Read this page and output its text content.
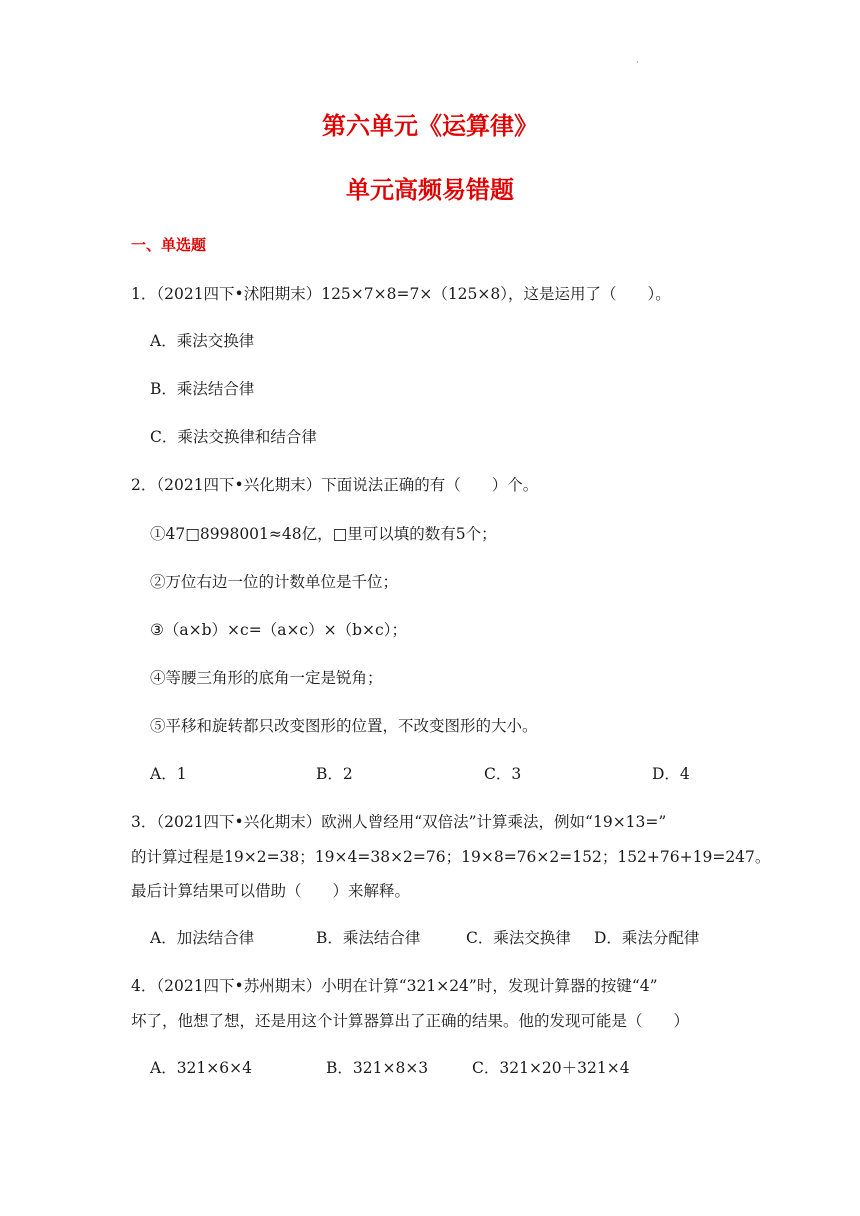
·
第六单元《运算律》
单元高频易错题
一、单选题
1．（2021四下•沭阳期末）125×7×8=7×（125×8），这是运用了（　　）。
A．乘法交换律
B．乘法结合律
C．乘法交换律和结合律
2．（2021四下•兴化期末）下面说法正确的有（　　）个。
①47□8998001≈48亿，□里可以填的数有5个；
②万位右边一位的计数单位是千位；
③（a×b）×c=（a×c）×（b×c）；
④等腰三角形的底角一定是锐角；
⑤平移和旋转都只改变图形的位置，不改变图形的大小。
A．1	B．2	C．3	D．4
3．（2021四下•兴化期末）欧洲人曾经用“双倍法”计算乘法，例如“19×13=”
的计算过程是19×2=38；19×4=38×2=76；19×8=76×2=152；152+76+19=247。
最后计算结果可以借助（　　）来解释。
A．加法结合律	B．乘法结合律	C．乘法交换律 D．乘法分配律
4．（2021四下•苏州期末）小明在计算“321×24”时，发现计算器的按键“4”
坏了，他想了想，还是用这个计算器算出了正确的结果。他的发现可能是（　　）
A．321×6×4	B．321×8×3	C．321×20＋321×4
